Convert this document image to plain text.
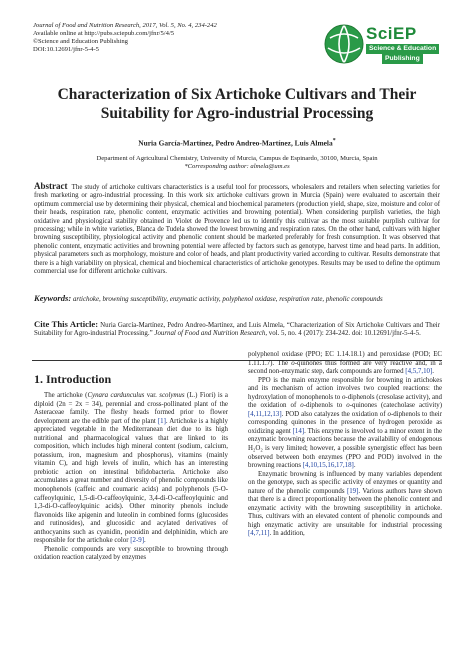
Journal of Food and Nutrition Research, 2017, Vol. 5, No. 4, 234-242
Available online at http://pubs.sciepub.com/jfnr/5/4/5
©Science and Education Publishing
DOI:10.12691/jfnr-5-4-5
SciEP
Science & Education
Publishing
Characterization of Six Artichoke Cultivars and Their
Suitability for Agro-industrial Processing
Nuria García-Martínez, Pedro Andreo-Martínez, Luis Almela*
Department of Agricultural Chemistry, University of Murcia, Campus de Espinardo, 30100, Murcia, Spain
*Corresponding author: almela@um.es
Abstract The study of artichoke cultivars characteristics is a useful tool for processors, wholesalers and retailers when selecting varieties for fresh marketing or agro-industrial processing. In this work six artichoke cultivars grown in Murcia (Spain) were evaluated to ascertain their optimum commercial use by determining their physical, chemical and biochemical parameters (production yield, shape, size, moisture and color of their heads, respiration rate, phenolic content, enzymatic activities and browning potential). When considering purplish varieties, the high oxidative and physiological stability obtained in Violet de Provence led us to identify this cultivar as the most suitable purplish cultivar for processing; while in white varieties, Blanca de Tudela showed the lowest browning and respiration rates. On the other hand, cultivars with higher browning susceptibility, physiological activity and phenolic content should be marketed preferably for fresh consumption. It was observed that phenolic content, enzymatic activities and browning potential were affected by factors such as genotype, harvest time and head parts. In addition, physical parameters such as morphology, moisture and color of heads, and plant productivity varied according to cultivar. Results demonstrate that there is a high variability on physical, chemical and biochemical characteristics of artichoke genotypes. Results may be used to define the optimum commercial use for different artichoke cultivars.
Keywords: artichoke, browning susceptibility, enzymatic activity, polyphenol oxidase, respiration rate, phenolic compounds
Cite This Article: Nuria García-Martínez, Pedro Andreo-Martínez, and Luis Almela, “Characterization of Six Artichoke Cultivars and Their Suitability for Agro-industrial Processing.” Journal of Food and Nutrition Research, vol. 5, no. 4 (2017): 234-242. doi: 10.12691/jfnr-5-4-5.
1. Introduction

The artichoke (Cynara cardunculus var. scolymus (L.) Fiori) is a diploid (2n = 2x = 34), perennial and cross-pollinated plant of the Asteraceae family. The fleshy heads formed prior to flower development are the edible part of the plant [1]. Artichoke is a highly appreciated vegetable in the Mediterranean diet due to its high nutritional and pharmacological values that are linked to its composition, which includes high mineral content (sodium, calcium, potassium, iron, magnesium and phosphorus), vitamins (mainly vitamin C), and high levels of inulin, which has an interesting prebiotic action on intestinal bifidobacteria. Artichoke also accumulates a great number and diversity of phenolic compounds like monophenols (caffeic and coumaric acids) and polyphenols (5-O-caffeoylquinic, 1,5-di-O-caffeoylquinic, 3,4-di-O-caffeoylquinic and 1,3-di-O-caffeoylquinic acids). Other minority phenols include flavonoids like apigenin and luteolin in combined forms (glucosides and rutinosides), and glucosidic and acylated derivatives of anthocyanins such as cyanidin, peonidin and delphinidin, which are responsible for the artichoke color [2-9].

Phenolic compounds are very susceptible to browning through oxidation reaction catalyzed by enzymes

polyphenol oxidase (PPO; EC 1.14.18.1) and peroxidase (POD; EC 1.11.1.7). The o-quinones thus formed are very reactive and, in a second non-enzymatic step, dark compounds are formed [4,5,7,10].

PPO is the main enzyme responsible for browning in artichokes and its mechanism of action involves two coupled reactions: the hydroxylation of monophenols to o-diphenols (cresolase activity), and the oxidation of o-diphenols to o-quinones (catecholase activity) [4,11,12,13]. POD also catalyzes the oxidation of o-diphenols to their corresponding quinones in the presence of hydrogen peroxide as oxidizing agent [14]. This enzyme is involved to a minor extent in the enzymatic browning reactions because the availability of endogenous H₂O₂ is very limited; however, a possible synergistic effect has been observed between both enzymes (PPO and POD) involved in the browning reactions [4,10,15,16,17,18].

Enzymatic browning is influenced by many variables dependent on the genotype, such as specific activity of enzymes or quantity and nature of the phenolic compounds [19]. Various authors have shown that there is a direct proportionality between the phenolic content and enzymatic activity with the browning susceptibility in artichoke. Thus, cultivars with an elevated content of phenolic compounds and high enzymatic activity are unsuitable for industrial processing [4,7,11]. In addition,
